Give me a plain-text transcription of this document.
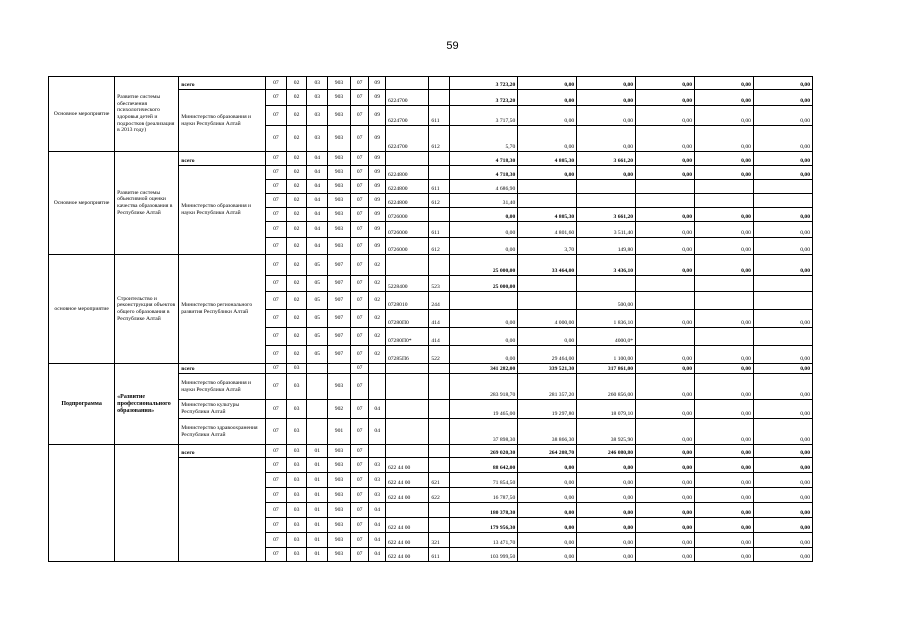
59
Основное мероприятие	Развитие системы обеспечения психологического здоровья детей и подростков (реализация в 2013 году)	всего	07	02	03	903	07	09			3 723,20	0,00	0,00	0,00	0,00	0,00
		Министерство образования и науки Республики Алтай	07	02	03	903	07	09	6224700		3 723,20	0,00	0,00	0,00	0,00	0,00
			07	02	03	903	07	09	6224700	611	3 717,50	0,00	0,00	0,00	0,00	0,00
			07	02	03	903	07	09	6224700	612	5,70	0,00	0,00	0,00	0,00	0,00
Основное мероприятие	Развитие системы объективной оценки качества образования в Республике Алтай	всего	07	02	04	903	07	09			4 718,30	4 805,30	3 661,20	0,00	0,00	0,00
		Министерство образования и науки Республики Алтай	07	02	04	903	07	09	6224800		4 718,30	0,00	0,00	0,00	0,00	0,00
			07	02	04	903	07	09	6224800	611	4 686,90					
			07	02	04	903	07	09	6224800	612	31,40					
			07	02	04	903	07	09	0726000		0,00	4 805,30	3 661,20	0,00	0,00	0,00
			07	02	04	903	07	09	0726000	611	0,00	4 801,60	3 511,40	0,00	0,00	0,00
			07	02	04	903	07	09	0726000	612	0,00	3,70	149,80	0,00	0,00	0,00
основное мероприятие	Строительство и реконструкция объектов общего образования в Республике Алтай	Министерство регионального развития Республики Алтай	07	02	05	907	07	02			25 000,00	33 464,00	3 436,10	0,00	0,00	0,00
			07	02	05	907	07	02	5228400	523	25 000,00					
			07	02	05	907	07	02	0728010	244			500,00			
			07	02	05	907	07	02	07280П0	414	0,00	4 000,00	1 836,10	0,00	0,00	0,00
			07	02	05	907	07	02	07280П0*	414	0,00	0,00	4000,0*			
			07	02	05	907	07	02	07285П6	522	0,00	29 464,00	1 100,00	0,00	0,00	0,00
Подпрограмма	«Развитие профессионального образования»	всего	07	03			07				341 282,00	339 521,30	317 861,00	0,00	0,00	0,00
		Министерство образования и науки Республики Алтай	07	03		903	07				283 918,70	281 357,20	260 856,00	0,00	0,00	0,00
		Министерство культуры Республики Алтай	07	03		902	07	04			19 465,00	19 297,80	18 079,10	0,00	0,00	0,00
		Министерство здравоохранения Республики Алтай	07	03		901	07	04			37 898,30	38 866,30	38 925,90	0,00	0,00	0,00
		всего	07	03	01	903	07				269 020,30	264 208,70	246 080,80	0,00	0,00	0,00
			07	03	01	903	07	03	622 44 00		88 642,00	0,00	0,00	0,00	0,00	0,00
			07	03	01	903	07	03	622 44 00	621	71 854,50	0,00	0,00	0,00	0,00	0,00
			07	03	01	903	07	03	622 44 00	622	16 787,50	0,00	0,00	0,00	0,00	0,00
			07	03	01	903	07	04			180 378,30	0,00	0,00	0,00	0,00	0,00
			07	03	01	903	07	04	622 44 00		179 956,30	0,00	0,00	0,00	0,00	0,00
			07	03	01	903	07	04	622 44 00	321	13 471,70	0,00	0,00	0,00	0,00	0,00
			07	03	01	903	07	04	622 44 00	611	103 999,50	0,00	0,00	0,00	0,00	0,00
